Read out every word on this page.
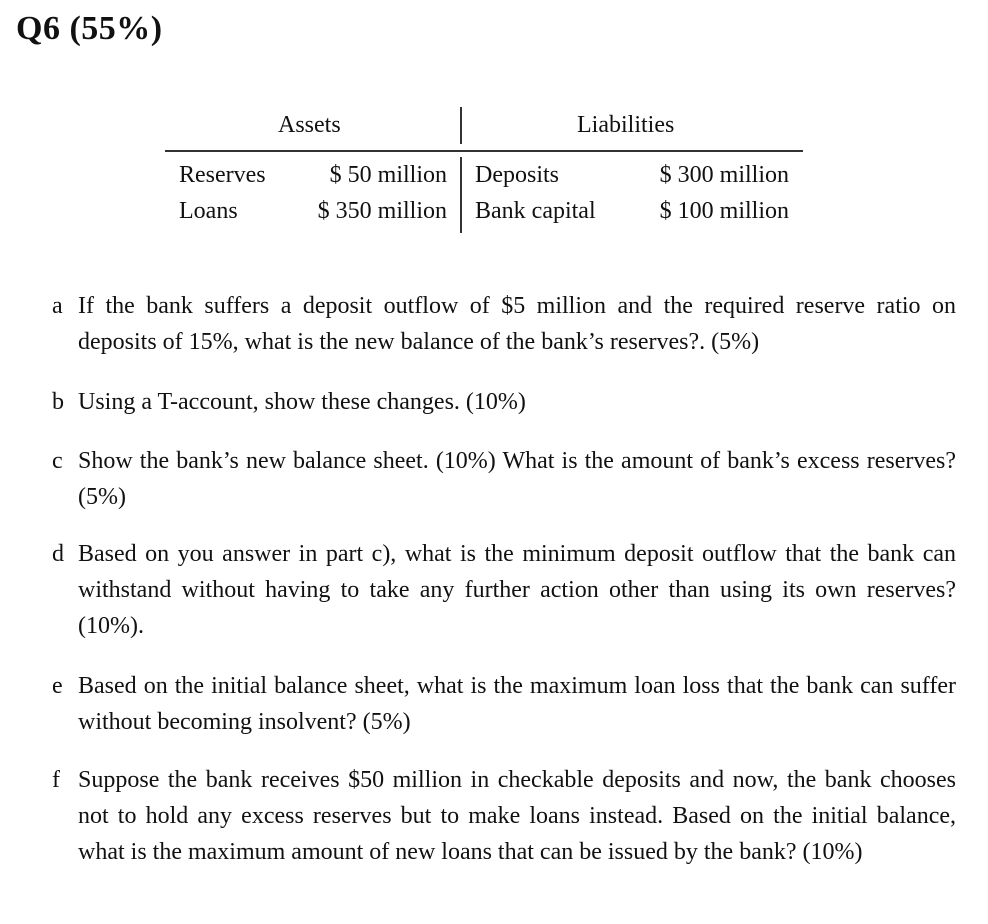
Q6 (55%)
Assets	Liabilities
Reserves	$ 50 million Deposits	$ 300 million
Loans	$ 350 million Bank capital	$ 100 million
a If the bank suffers a deposit outflow of $5 million and the required reserve ratio on deposits of 15%, what is the new balance of the bank’s reserves?. (5%)
b Using a T-account, show these changes. (10%)
c Show the bank’s new balance sheet. (10%) What is the amount of bank’s excess reserves? (5%)
d Based on you answer in part c), what is the minimum deposit outflow that the bank can withstand without having to take any further action other than using its own reserves? (10%).
e Based on the initial balance sheet, what is the maximum loan loss that the bank can suffer without becoming insolvent? (5%)
f Suppose the bank receives $50 million in checkable deposits and now, the bank chooses not to hold any excess reserves but to make loans instead. Based on the initial balance, what is the maximum amount of new loans that can be issued by the bank? (10%)
